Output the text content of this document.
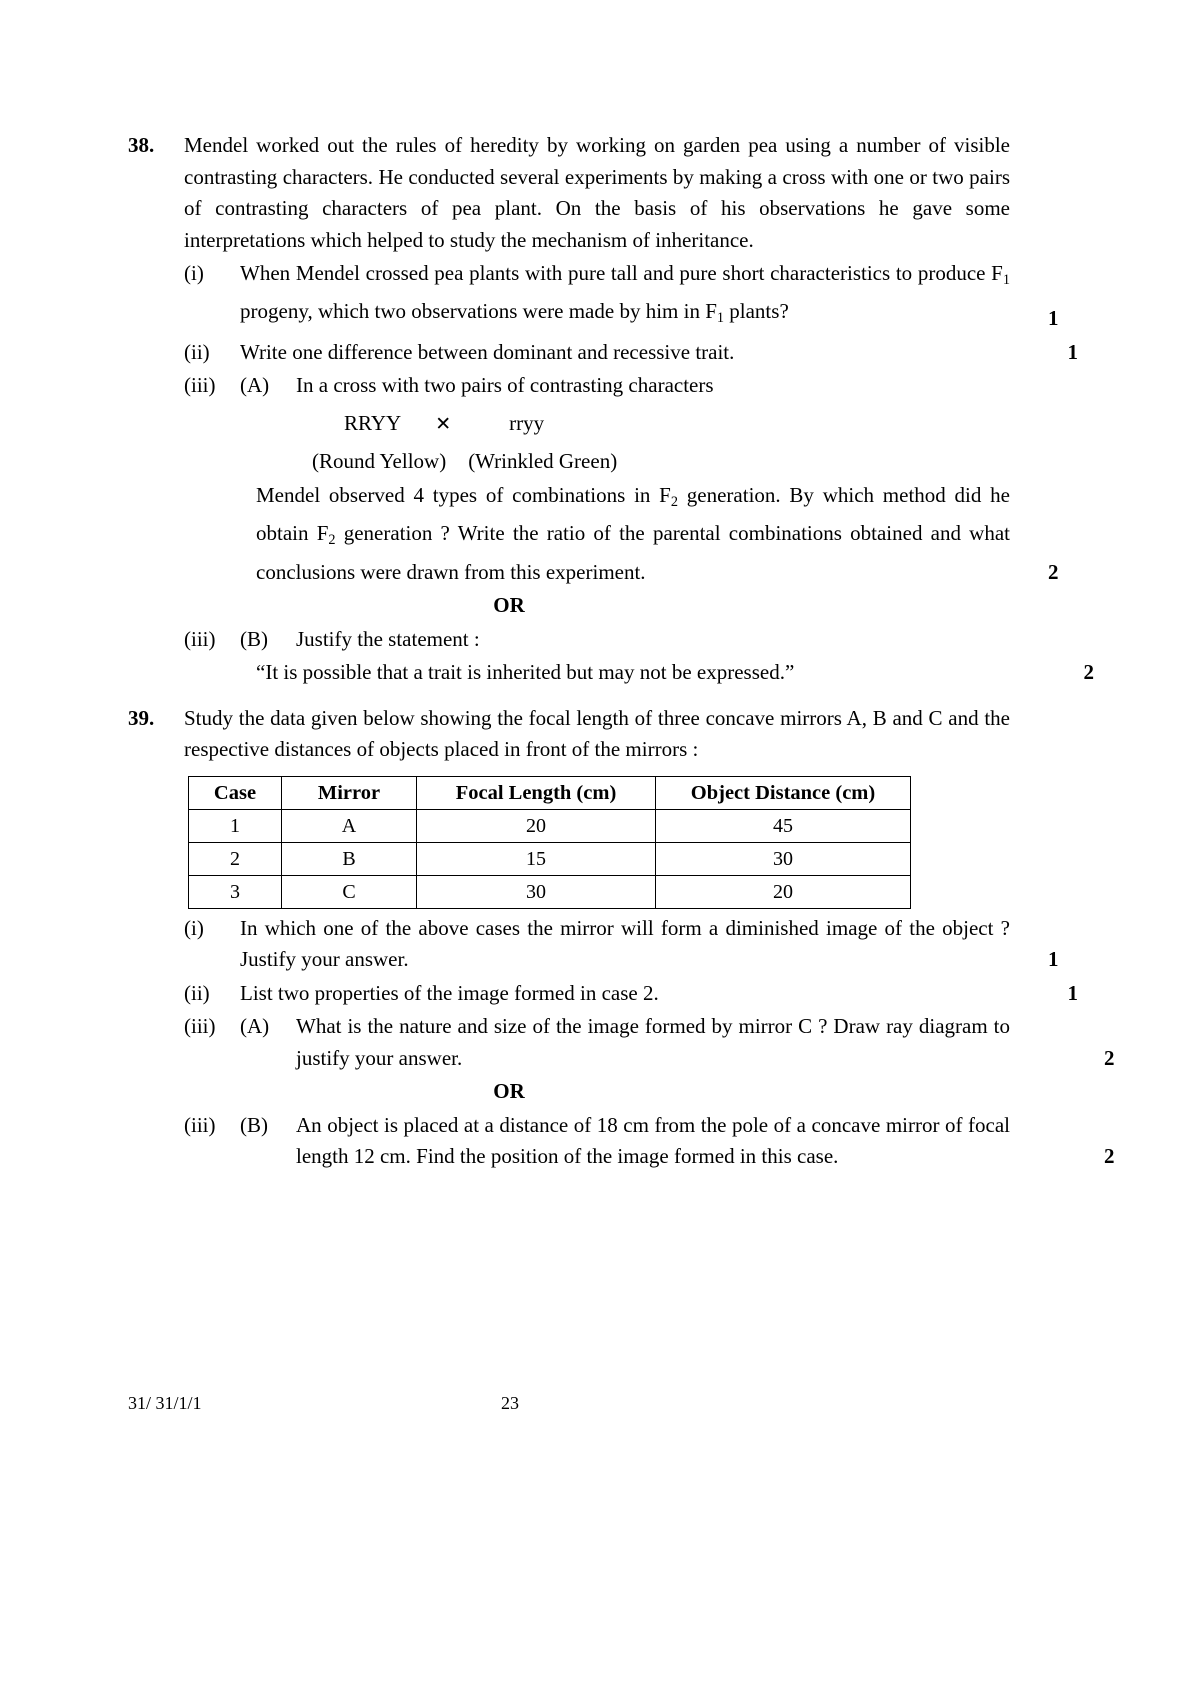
38.	Mendel worked out the rules of heredity by working on garden pea using a number of visible contrasting characters. He conducted several experiments by making a cross with one or two pairs of contrasting characters of pea plant. On the basis of his observations he gave some interpretations which helped to study the mechanism of inheritance.
(i)	When Mendel crossed pea plants with pure tall and pure short characteristics to produce $F_1$ progeny, which two observations were made by him in $F_1$ plants?	1
(ii)	Write one difference between dominant and recessive trait.	1
(iii)	(A)	In a cross with two pairs of contrasting characters
RRYY ✕	rryy
(Round Yellow) (Wrinkled Green)
Mendel observed 4 types of combinations in $F_2$ generation. By which method did he obtain $F_2$ generation ? Write the ratio of the parental combinations obtained and what conclusions were drawn from this experiment.	2
OR
(iii)	(B)	Justify the statement :
“It is possible that a trait is inherited but may not be expressed.”	2
39.	Study the data given below showing the focal length of three concave mirrors A, B and C and the respective distances of objects placed in front of the mirrors :
Case	Mirror	Focal Length (cm)	Object Distance (cm)
1	A	20	45
2	B	15	30
3	C	30	20
(i)	In which one of the above cases the mirror will form a diminished image of the object ? Justify your answer.	1
(ii)	List two properties of the image formed in case 2.	1
(iii)	(A)	What is the nature and size of the image formed by mirror C ? Draw ray diagram to justify your answer.	2
OR
(iii)	(B)	An object is placed at a distance of 18 cm from the pole of a concave mirror of focal length 12 cm. Find the position of the image formed in this case.	2
31/ 31/1/1	23
